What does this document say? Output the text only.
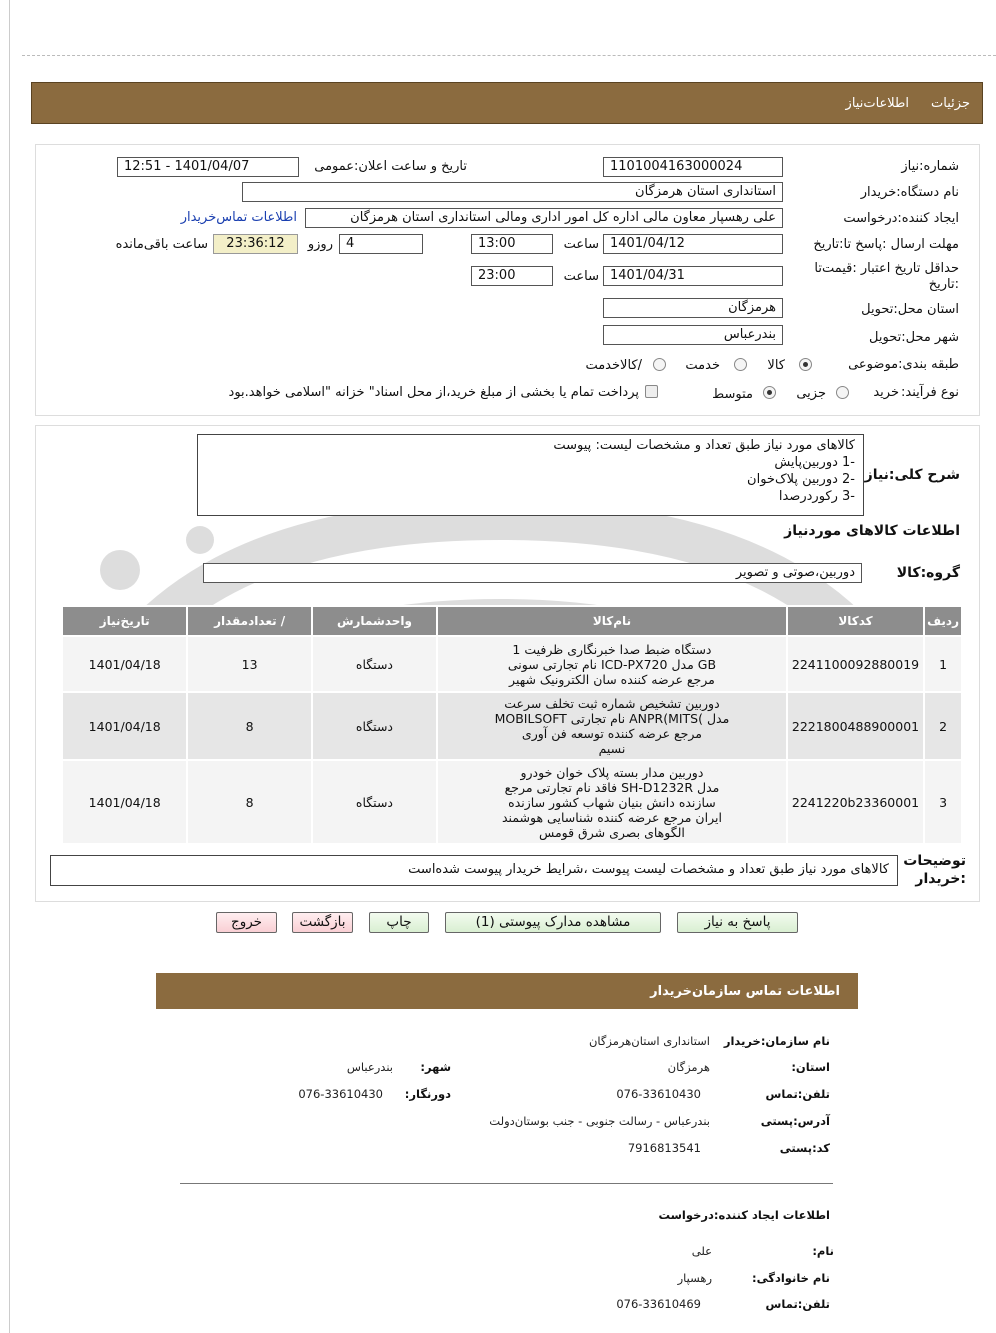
جزئیات
اطلاعات‌نیاز
شماره:نیاز
1101004163000024
تاریخ و ساعت اعلان:عمومی
1401/04/07 - 12:51
نام دستگاه:خریدار
استانداری استان هرمزگان
ایجاد کننده:درخواست
علی رهسپار معاون مالی اداره کل امور اداری ومالی استانداری استان هرمزگان
اطلاعات تماس‌خریدار
مهلت ارسال :پاسخ تا:تاریخ
1401/04/12
ساعت
13:00
4
روزو
23:36:12
ساعت باقی‌مانده
حداقل تاریخ اعتبار :قیمت‌تا
:تاریخ
1401/04/31
ساعت
23:00
استان محل:تحویل
هرمزگان
شهر محل:تحویل
بندرعباس
طبقه بندی:موضوعی
کالا
خدمت
/کالاخدمت
نوع فرآیند:
خرید
جزیی
متوسط
پرداخت تمام یا بخشی از مبلغ خرید،از محل اسناد" خزانه "اسلامی خواهد.بود
کالاهای مورد نیاز طبق تعداد و مشخصات لیست: پیوست
-1 دوربین‌پایش
-2 دوربین پلاک‌خوان
-3 رکوردرصدا
شرح کلی:نیاز
اطلاعات کالاهای مورد‌نیاز
گروه:کالا
دوربین،صوتی و تصویر
ردیف	کدکالا	نام‌کالا	واحدشمارش	/ تعدادمقدار	تاریخ‌نیاز
1	2241100092880019	دستگاه ضبط صدا خبرنگاری ظرفیت 1
GB مدل ICD-PX720 نام تجارتی سونی
مرجع عرضه کننده سان الکترونیک شهیر	دستگاه	13	1401/04/18
2	2221800488900001	دوربین تشخیص شماره ثبت تخلف سرعت
مدل )ANPR(MITS نام تجارتی MOBILSOFT
مرجع عرضه کننده توسعه فن آوری
نسیم	دستگاه	8	1401/04/18
3	2241220b23360001	دوربین مدار بسته پلاک خوان خودرو
مدل SH-D1232R فاقد نام تجارتی مرجع
سازنده دانش بنیان شهاب کشور سازنده
ایران مرجع عرضه کننده شناسایی هوشمند
الگوهای بصری شرق قومس	دستگاه	8	1401/04/18
توضیحات
:خریدار
کالاهای مورد نیاز طبق تعداد و مشخصات لیست پیوست ،شرایط خریدار پیوست شده‌است
پاسخ به نیاز
مشاهده مدارک پیوستی (1)
چاپ
بازگشت
خروج
اطلاعات تماس سازمان‌خریدار
نام سازمان:خریدار
استانداری استان‌هرمزگان
استان:
هرمزگان
شهر:
بندرعباس
تلفن:تماس
076-33610430
دورنگار:
076-33610430
آدرس:پستی
بندرعباس - رسالت جنوبی - جنب بوستان‌دولت
کد:پستی
7916813541
اطلاعات ایجاد کننده:درخواست
نام:
علی
نام خانوادگی:
رهسپار
تلفن:تماس
076-33610469
